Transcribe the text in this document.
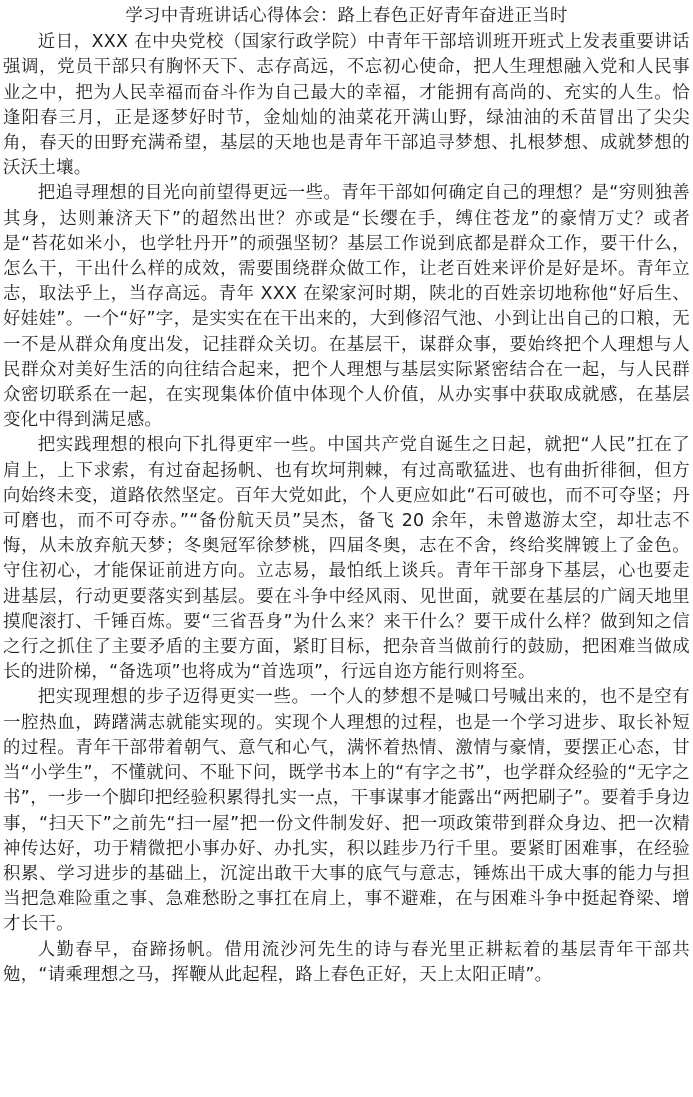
学习中青班讲话心得体会：路上春色正好青年奋进正当时

近日，XXX 在中央党校（国家行政学院）中青年干部培训班开班式上发表重要讲话强调，党员干部只有胸怀天下、志存高远，不忘初心使命，把人生理想融入党和人民事业之中，把为人民幸福而奋斗作为自己最大的幸福，才能拥有高尚的、充实的人生。恰逢阳春三月，正是逐梦好时节，金灿灿的油菜花开满山野，绿油油的禾苗冒出了尖尖角，春天的田野充满希望，基层的天地也是青年干部追寻梦想、扎根梦想、成就梦想的沃沃土壤。

把追寻理想的目光向前望得更远一些。青年干部如何确定自己的理想？是“穷则独善其身，达则兼济天下”的超然出世？亦或是“长缨在手，缚住苍龙”的豪情万丈？或者是“苔花如米小，也学牡丹开”的顽强坚韧？基层工作说到底都是群众工作，要干什么，怎么干，干出什么样的成效，需要围绕群众做工作，让老百姓来评价是好是坏。青年立志，取法乎上，当存高远。青年 XXX 在梁家河时期，陕北的百姓亲切地称他“好后生、好娃娃”。一个“好”字，是实实在在干出来的，大到修沼气池、小到让出自己的口粮，无一不是从群众角度出发，记挂群众关切。在基层干，谋群众事，要始终把个人理想与人民群众对美好生活的向往结合起来，把个人理想与基层实际紧密结合在一起，与人民群众密切联系在一起，在实现集体价值中体现个人价值，从办实事中获取成就感，在基层变化中得到满足感。

把实践理想的根向下扎得更牢一些。中国共产党自诞生之日起，就把“人民”扛在了肩上，上下求索，有过奋起扬帆、也有坎坷荆棘，有过高歌猛进、也有曲折徘徊，但方向始终未变，道路依然坚定。百年大党如此，个人更应如此“石可破也，而不可夺坚；丹可磨也，而不可夺赤。”“备份航天员”吴杰，备飞 20 余年，未曾遨游太空，却壮志不悔，从未放弃航天梦；冬奥冠军徐梦桃，四届冬奥，志在不舍，终给奖牌镀上了金色。守住初心，才能保证前进方向。立志易，最怕纸上谈兵。青年干部身下基层，心也要走进基层，行动更要落实到基层。要在斗争中经风雨、见世面，就要在基层的广阔天地里摸爬滚打、千锤百炼。要“三省吾身”为什么来？来干什么？要干成什么样？做到知之信之行之抓住了主要矛盾的主要方面，紧盯目标，把杂音当做前行的鼓励，把困难当做成长的进阶梯，“备选项”也将成为“首选项”，行远自迩方能行则将至。

把实现理想的步子迈得更实一些。一个人的梦想不是喊口号喊出来的，也不是空有一腔热血，踌躇满志就能实现的。实现个人理想的过程，也是一个学习进步、取长补短的过程。青年干部带着朝气、意气和心气，满怀着热情、激情与豪情，要摆正心态，甘当“小学生”，不懂就问、不耻下问，既学书本上的“有字之书”，也学群众经验的“无字之书”，一步一个脚印把经验积累得扎实一点，干事谋事才能露出“两把刷子”。要着手身边事，“扫天下”之前先“扫一屋”把一份文件制发好、把一项政策带到群众身边、把一次精神传达好，功于精微把小事办好、办扎实，积以跬步乃行千里。要紧盯困难事，在经验积累、学习进步的基础上，沉淀出敢干大事的底气与意志，锤炼出干成大事的能力与担当把急难险重之事、急难愁盼之事扛在肩上，事不避难，在与困难斗争中挺起脊梁、增才长干。

人勤春早，奋蹄扬帆。借用流沙河先生的诗与春光里正耕耘着的基层青年干部共勉，“请乘理想之马，挥鞭从此起程，路上春色正好，天上太阳正晴”。
